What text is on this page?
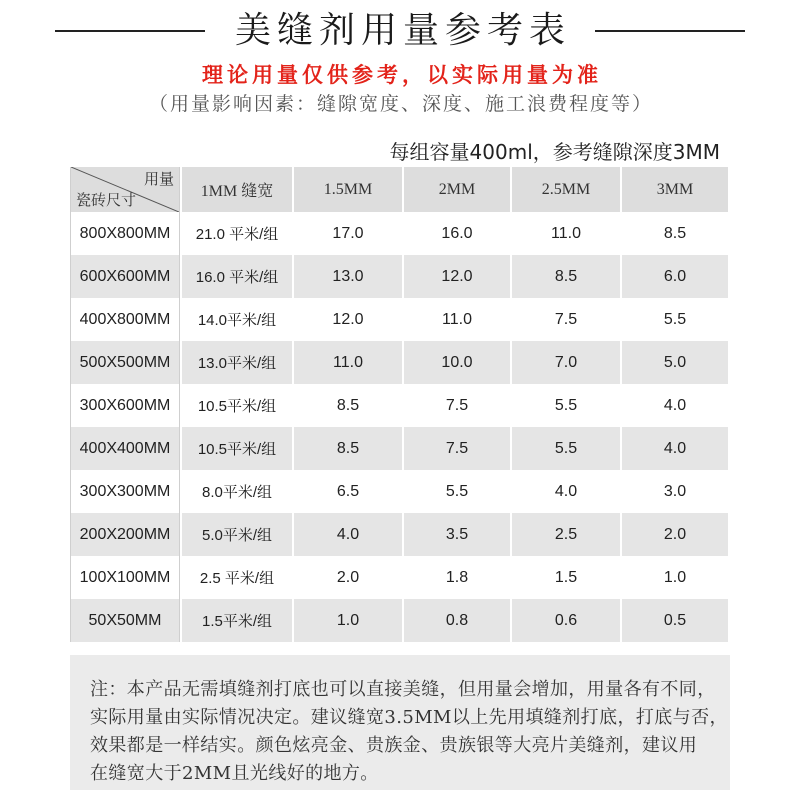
美缝剂用量参考表

理论用量仅供参考，以实际用量为准

（用量影响因素：缝隙宽度、深度、施工浪费程度等）

每组容量400ml，参考缝隙深度3MM

用量
瓷砖尺寸	1MM 缝宽	1.5MM	2MM	2.5MM	3MM
800X800MM	21.0 平米/组	17.0	16.0	11.0	8.5
600X600MM	16.0 平米/组	13.0	12.0	8.5	6.0
400X800MM	14.0平米/组	12.0	11.0	7.5	5.5
500X500MM	13.0平米/组	11.0	10.0	7.0	5.0
300X600MM	10.5平米/组	8.5	7.5	5.5	4.0
400X400MM	10.5平米/组	8.5	7.5	5.5	4.0
300X300MM	8.0平米/组	6.5	5.5	4.0	3.0
200X200MM	5.0平米/组	4.0	3.5	2.5	2.0
100X100MM	2.5 平米/组	2.0	1.8	1.5	1.0
50X50MM	1.5平米/组	1.0	0.8	0.6	0.5
注：本产品无需填缝剂打底也可以直接美缝，但用量会增加，用量各有不同，
实际用量由实际情况决定。建议缝宽3.5MM以上先用填缝剂打底，打底与否，
效果都是一样结实。颜色炫亮金、贵族金、贵族银等大亮片美缝剂，建议用
在缝宽大于2MM且光线好的地方。
